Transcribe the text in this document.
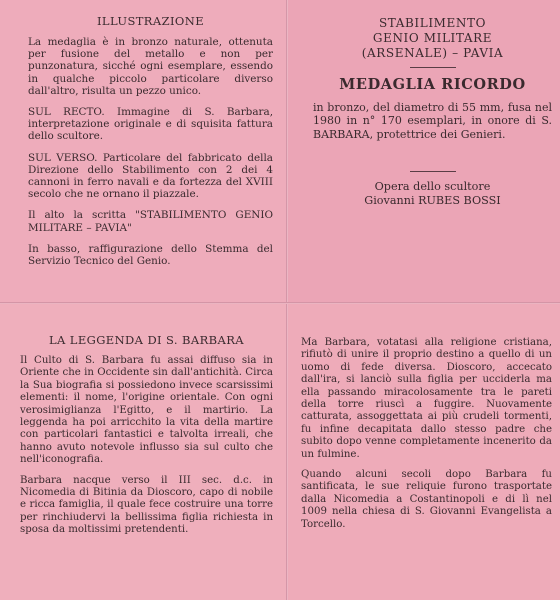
ILLUSTRAZIONE

La medaglia è in bronzo naturale, ottenuta per fusione del metallo e non per punzonatura, sicché ogni esemplare, essendo in qualche piccolo particolare diverso dall'altro, risulta un pezzo unico.

SUL RECTO. Immagine di S. Barbara, interpretazione originale e di squisita fattura dello scultore.

SUL VERSO. Particolare del fabbricato della Direzione dello Stabilimento con 2 dei 4 cannoni in ferro navali e da fortezza del XVIII secolo che ne ornano il piazzale.

Il alto la scritta "STABILIMENTO GENIO MILITARE – PAVIA"

In basso, raffigurazione dello Stemma del Servizio Tecnico del Genio.

STABILIMENTO
GENIO MILITARE
(ARSENALE) – PAVIA
MEDAGLIA RICORDO

in bronzo, del diametro di 55 mm, fusa nel 1980 in n° 170 esemplari, in onore di S. BARBARA, protettrice dei Genieri.

Opera dello scultore

Giovanni RUBES BOSSI

LA LEGGENDA DI S. BARBARA

Il Culto di S. Barbara fu assai diffuso sia in Oriente che in Occidente sin dall'antichità. Circa la Sua biografia si possiedono invece scarsissimi elementi: il nome, l'origine orientale. Con ogni verosimiglianza l'Egitto, e il martirio. La leggenda ha poi arricchito la vita della martire con particolari fantastici e talvolta irreali, che hanno avuto notevole influsso sia sul culto che nell'iconografia.

Barbara nacque verso il III sec. d.c. in Nicomedia di Bitinia da Dioscoro, capo di nobile e ricca famiglia, il quale fece costruire una torre per rinchiudervi la bellissima figlia richiesta in sposa da moltissimi pretendenti.

Ma Barbara, votatasi alla religione cristiana, rifiutò di unire il proprio destino a quello di un uomo di fede diversa. Dioscoro, accecato dall'ira, si lanciò sulla figlia per ucciderla ma ella passando miracolosamente tra le pareti della torre riuscì a fuggire. Nuovamente catturata, assoggettata ai più crudeli tormenti, fu infine decapitata dallo stesso padre che subito dopo venne completamente incenerito da un fulmine.

Quando alcuni secoli dopo Barbara fu santificata, le sue reliquie furono trasportate dalla Nicomedia a Costantinopoli e di lì nel 1009 nella chiesa di S. Giovanni Evangelista a Torcello.
